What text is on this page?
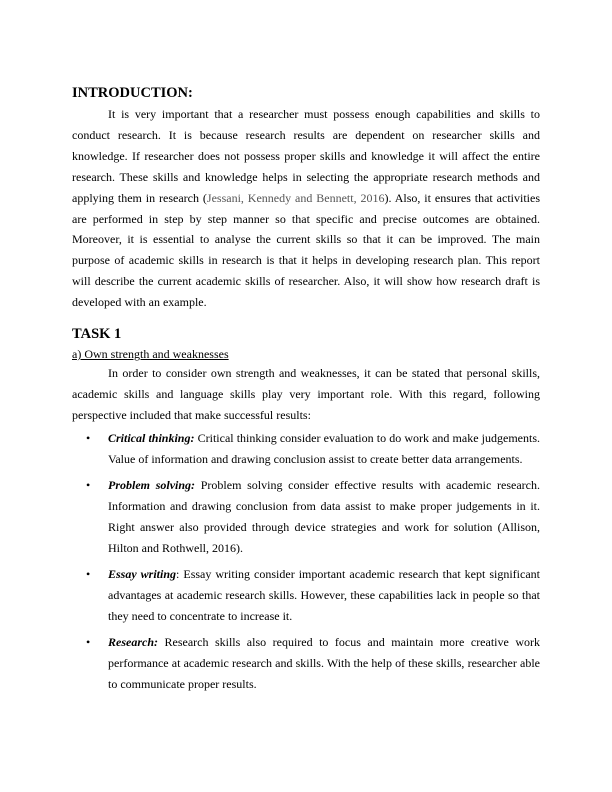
INTRODUCTION:

It is very important that a researcher must possess enough capabilities and skills to conduct research. It is because research results are dependent on researcher skills and knowledge. If researcher does not possess proper skills and knowledge it will affect the entire research. These skills and knowledge helps in selecting the appropriate research methods and applying them in research (Jessani, Kennedy and Bennett, 2016). Also, it ensures that activities are performed in step by step manner so that specific and precise outcomes are obtained. Moreover, it is essential to analyse the current skills so that it can be improved. The main purpose of academic skills in research is that it helps in developing research plan. This report will describe the current academic skills of researcher. Also, it will show how research draft is developed with an example.

TASK 1

a) Own strength and weaknesses

In order to consider own strength and weaknesses, it can be stated that personal skills, academic skills and language skills play very important role. With this regard, following perspective included that make successful results:

• Critical thinking: Critical thinking consider evaluation to do work and make judgements. Value of information and drawing conclusion assist to create better data arrangements.
• Problem solving: Problem solving consider effective results with academic research. Information and drawing conclusion from data assist to make proper judgements in it. Right answer also provided through device strategies and work for solution (Allison, Hilton and Rothwell, 2016).
• Essay writing: Essay writing consider important academic research that kept significant advantages at academic research skills. However, these capabilities lack in people so that they need to concentrate to increase it.
• Research: Research skills also required to focus and maintain more creative work performance at academic research and skills. With the help of these skills, researcher able to communicate proper results.
